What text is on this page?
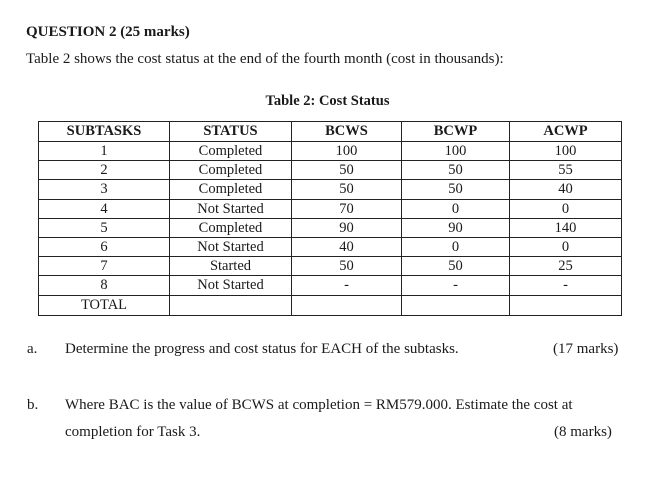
QUESTION 2 (25 marks)
Table 2 shows the cost status at the end of the fourth month (cost in thousands):
Table 2: Cost Status
SUBTASKS	STATUS	BCWS	BCWP	ACWP
1	Completed	100	100	100
2	Completed	50	50	55
3	Completed	50	50	40
4	Not Started	70	0	0
5	Completed	90	90	140
6	Not Started	40	0	0
7	Started	50	50	25
8	Not Started	-	-	-
TOTAL				
a. Determine the progress and cost status for EACH of the subtasks.	(17 marks)
b. Where BAC is the value of BCWS at completion = RM579.000. Estimate the cost at
completion for Task 3.	(8 marks)
